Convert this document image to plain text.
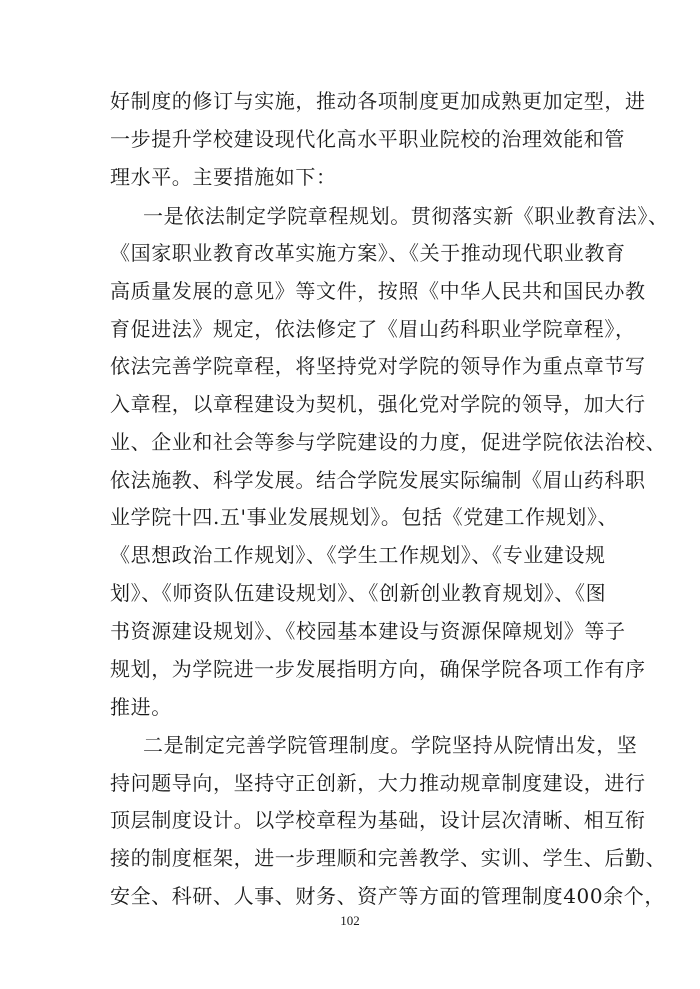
好制度的修订与实施，推动各项制度更加成熟更加定型，进
一步提升学校建设现代化高水平职业院校的治理效能和管
理水平。主要措施如下：
一是依法制定学院章程规划。贯彻落实新《职业教育法》、
《国家职业教育改革实施方案》、《关于推动现代职业教育
高质量发展的意见》等文件，按照《中华人民共和国民办教
育促进法》规定，依法修定了《眉山药科职业学院章程》，
依法完善学院章程，将坚持党对学院的领导作为重点章节写
入章程，以章程建设为契机，强化党对学院的领导，加大行
业、企业和社会等参与学院建设的力度，促进学院依法治校、
依法施教、科学发展。结合学院发展实际编制《眉山药科职
业学院十四.五'事业发展规划》。包括《党建工作规划》、
《思想政治工作规划》、《学生工作规划》、《专业建设规
划》、《师资队伍建设规划》、《创新创业教育规划》、《图
书资源建设规划》、《校园基本建设与资源保障规划》等子
规划，为学院进一步发展指明方向，确保学院各项工作有序
推进。
二是制定完善学院管理制度。学院坚持从院情出发，坚
持问题导向，坚持守正创新，大力推动规章制度建设，进行
顶层制度设计。以学校章程为基础，设计层次清晰、相互衔
接的制度框架，进一步理顺和完善教学、实训、学生、后勤、
安全、科研、人事、财务、资产等方面的管理制度400余个，
102
